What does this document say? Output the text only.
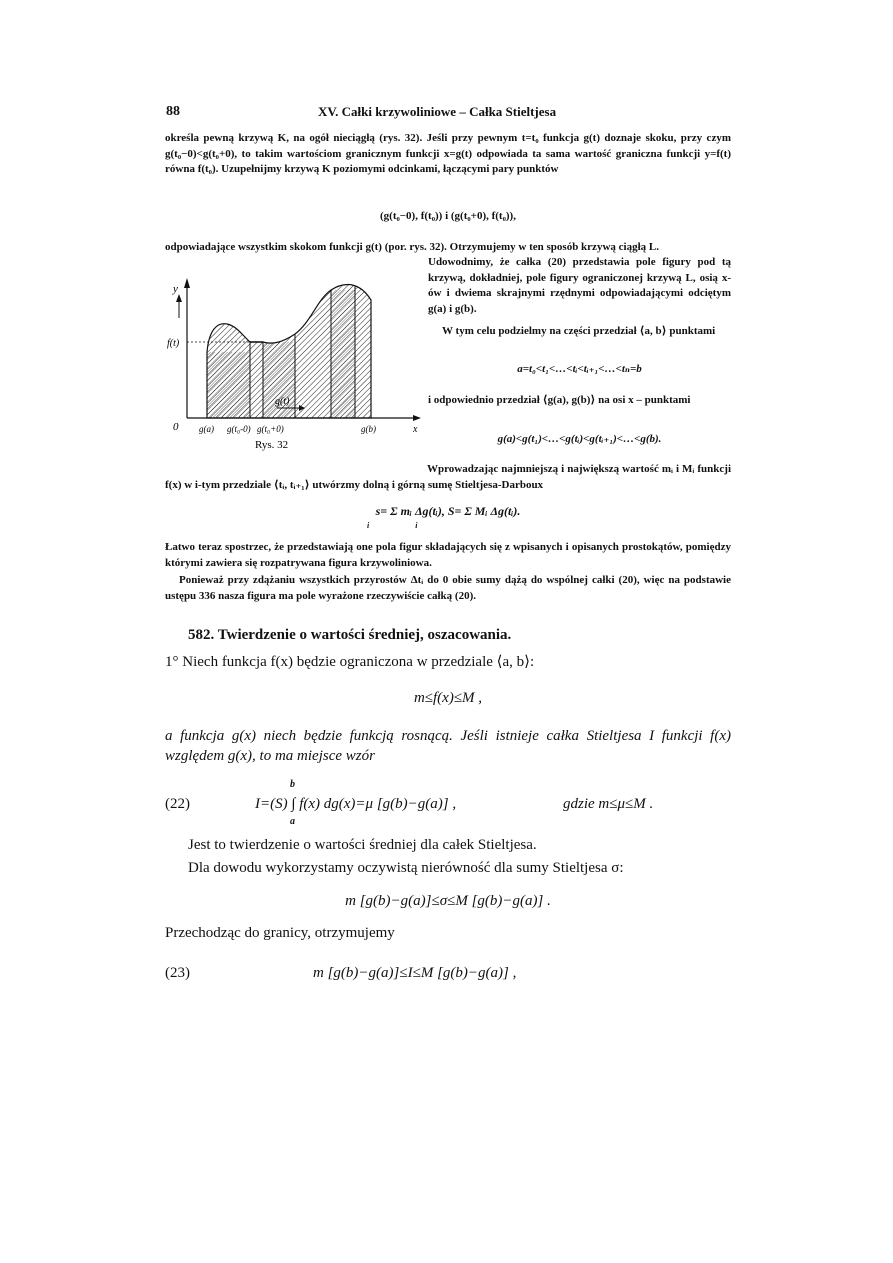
88	XV. Całki krzywoliniowe – Całka Stieltjesa
określa pewną krzywą K, na ogół nieciągłą (rys. 32). Jeśli przy pewnym t=t₀ funkcja g(t) doznaje skoku, przy czym g(t₀−0)<g(t₀+0), to takim wartościom granicznym funkcji x=g(t) odpowiada ta sama wartość graniczna funkcji y=f(t) równa f(t₀). Uzupełnijmy krzywą K poziomymi odcinkami, łączącymi pary punktów
(g(t₀−0), f(t₀)) i (g(t₀+0), f(t₀)),
odpowiadające wszystkim skokom funkcji g(t) (por. rys. 32). Otrzymujemy w ten sposób krzywą ciągłą L.
Udowodnimy, że całka (20) przedstawia pole figury pod tą krzywą, dokładniej, pole figury ograniczonej krzywą L, osią x-ów i dwiema skrajnymi rzędnymi odpowiadającymi odciętym g(a) i g(b).
W tym celu podzielmy na części przedział ⟨a, b⟩ punktami
a=t₀<t₁<…<tᵢ<tᵢ₊₁<…<tₙ=b
i odpowiednio przedział ⟨g(a), g(b)⟩ na osi x – punktami
g(a)<g(t₁)<…<g(tᵢ)<g(tᵢ₊₁)<…<g(b).
y
f(t)
0	x
g(t)
g(a) g(t₀-0) g(t₀+0)	g(b)
Rys. 32
Wprowadzając najmniejszą i największą wartość mᵢ i Mᵢ funkcji f(x) w i-tym przedziale ⟨tᵢ, tᵢ₊₁⟩ utwórzmy dolną i górną sumę Stieltjesa-Darboux
s= Σ mᵢ Δg(tᵢ), S= Σ Mᵢ Δg(tᵢ).
i                       i
Łatwo teraz spostrzec, że przedstawiają one pola figur składających się z wpisanych i opisanych prostokątów, pomiędzy którymi zawiera się rozpatrywana figura krzywoliniowa.
Ponieważ przy zdążaniu wszystkich przyrostów Δtᵢ do 0 obie sumy dążą do wspólnej całki (20), więc na podstawie ustępu 336 nasza figura ma pole wyrażone rzeczywiście całką (20).
582. Twierdzenie o wartości średniej, oszacowania.
1° Niech funkcja f(x) będzie ograniczona w przedziale ⟨a, b⟩:
m≤f(x)≤M ,
a funkcja g(x) niech będzie funkcją rosnącą. Jeśli istnieje całka Stieltjesa I funkcji f(x) względem g(x), to ma miejsce wzór
(22)
b
a
I=(S) ∫ f(x) dg(x)=μ [g(b)−g(a)] ,	gdzie m≤μ≤M .
Jest to twierdzenie o wartości średniej dla całek Stieltjesa.
Dla dowodu wykorzystamy oczywistą nierówność dla sumy Stieltjesa σ:
m [g(b)−g(a)]≤σ≤M [g(b)−g(a)] .
Przechodząc do granicy, otrzymujemy
(23)	m [g(b)−g(a)]≤I≤M [g(b)−g(a)] ,
